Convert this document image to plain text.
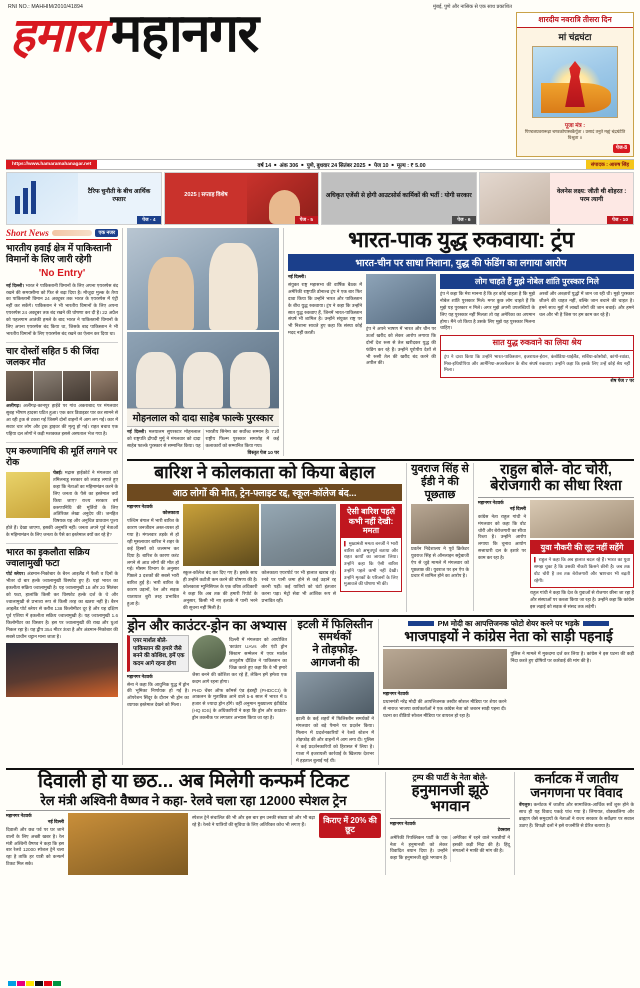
RNI NO.: MAHHIM/2010/41894	मुंबई, पुणे और नासिक से एक साथ प्रकाशित
हमारा महानगर	शारदीय नवरात्रि तीसरा दिन
मां चंद्रघंटा
पूजा मंत्र :
पिण्डजप्रवरारूढ़ा चण्डकोपास्त्रकैर्युता । प्रसादं तनुते मह्यं चंद्रघंटेति विश्रुता ॥
पेज-8
https://www.hamaramahanagar.net	वर्ष 14 ■ अंक 306 ■ पुणे, बुधवार 24 सितंबर 2025 ■ पेज 10 ■ मूल्य : ₹ 5.00	संपादक : आरुष सिंह
टैरिफ चुनौती के बीच आर्थिक रफ्तार
पेज - 4
2025 | सप्ताह विशेष
पेज - 5
अधिकृत एजेंसी से होगी आउटसोर्स कार्मिकों की भर्ती : योगी सरकार
पेज - 6
वेलनेस लक्ष्य: जीती थी शोहरत : परम त्यागी
पेज - 10
Short News	एक नजर
भारतीय हवाई क्षेत्र में पाकिस्तानी विमानों के लिए जारी रहेगी
'No Entry'
नई दिल्ली। भारत ने पाकिस्तानी विमानों के लिए अपना एयरस्पेस बंद रखने की समयसीमा को फिर से बढ़ा दिया है। मौजूदा मुल्क के तैय्य का पाकिस्तानी विमान 24 अक्टूबर तक भारत के एयरस्पेस में एंट्री नहीं कर सकेंगे। पाकिस्तान ने भी भारतीय विमानों के लिए अपना एयरस्पेस 24 अक्टूबर तक बंद रखने की घोषणा कर दी है। 22 अप्रैल को पहलगाम आतंकी हमले के बाद भारत ने पाकिस्तानी विमानों के लिए अपना एयरस्पेस बंद किया था, जिसके बाद पाकिस्तान ने भी भारतीय विमानों के लिए एयरस्पेस बंद रखने का ऐलान कर दिया था।
चार दोस्तों सहित 5 की जिंदा जलकर मौत
अलीगढ़। अलीगढ़-कानपुर हाईवे पर गांव अकराबाद पर मंगलवार सुबह भीषण हादसा घटित हुआ। एक कार डिवाइडर पार कर सामने से आ रही ट्रक से टकरा गई जिसमें दोनों वाहनों में आग लग गई। कार में सवार चार लोग और ट्रक ड्राइवर की मृत्यु हो गई। राहत बचाव एक पहिया दल लोगों ने कड़ी मशक्कत इससे अस्पताल भेज गया है।
एम करुणानिधि की मूर्ति लगाने पर रोक
चेन्नई। मद्रास हाईकोर्ट ने मंगलवार को तमिलनाडु सरकार को लताड़ लगाते हुए कहा कि नेताओं का महिमामंडन करने के लिए जनता के पैसे का इस्तेमाल क्यों किया जाए? राज्य सरकार वर्ष करुणानिधि की मूर्तियों के लिए अतिरिक्त लेखा अनुदेय की। जनहित विषयक यह और अनुचित प्रावधान पूज्य होते हैं। देखा जाएगा, इसकी अनुमति नहीं। जनता अपने पूर्व नेताओं के महिमामंडन के लिए जनता के पैसे का इस्तेमाल क्यों कर रहे है?
भारत का इकलौता सक्रिय ज्वालामुखी फटा
पोर्ट ब्लेयर। अंडमान-निकोबार के बैरन आइलैंड में फैली व दिनों के भीतर दो बार हल्के ज्वालामुखी विस्फोट हुए हैं। यहां भारत का इकलौता सक्रिय ज्वालामुखी है। यह ज्वालामुखी 18 और 20 सितंबर को फटा, हालांकि किसी कर विस्फोट हल्के दर्ज के थे और ज्वालामुखी से प्रभाव्य रूप से किसी तरह का खतरा नहीं है। बैरन आइलैंड पोर्ट ब्लेयर से करीब 138 किलोमीटर दूर है और यह दक्षिण पूर्व एशिया में इकलौता सक्रिय ज्वालामुखी है। यह ज्वालामुखी 1.6 किलोमीटर का विस्तार है। इस पर ज्वालामुखी की राख और धुआं निकल रहा है। यह द्वीप 354 मीटर ऊंचा है और अंडमान-निकोबार की सबसे प्राचीन चट्टान माना जाता है।
मोहनलाल को दादा साहेब फाल्के पुरस्कार
नई दिल्ली। मलयालम सुपरस्टार मोहनलाल को राष्ट्रपति द्रौपदी मुर्मू ने मंगलवार को दादा साहेब फाल्के पुरस्कार से सम्मानित किया। यह भारतीय सिनेमा का सर्वोच्च सम्मान है। 71वें राष्ट्रीय फिल्म पुरस्कार समारोह में कई कलाकारों को सम्मानित किया गया।
विस्तृत पेज 10 पर
भारत-पाक युद्ध रुकवाया: ट्रंप
भारत-चीन पर साधा निशाना, युद्ध की फंडिंग का लगाया आरोप
नई दिल्ली।
संयुक्त राष्ट्र महासभा की वार्षिक बैठक में अमेरिकी राष्ट्रपति डोनाल्ड ट्रंप ने एक बार फिर दावा किया कि उन्होंने भारत और पाकिस्तान के बीच युद्ध रुकवाया। ट्रंप ने कहा कि उन्होंने सात युद्ध रुकवाए हैं, जिनमें भारत-पाकिस्तान संघर्ष भी शामिल है। उन्होंने संयुक्त राष्ट्र पर भी निशाना साधते हुए कहा कि संस्था कोई मदद नहीं करती।
ट्रंप ने अपने भाषण में भारत और चीन पर ऊर्जा खरीद को लेकर आरोप लगाया कि दोनों देश रूस से तेल खरीदकर युद्ध की फंडिंग कर रहे हैं। उन्होंने यूरोपीय देशों से भी रूसी तेल की खरीद बंद करने की अपील की।
लोग चाहते हैं मुझे नोबेल शांति पुरस्कार मिले
ट्रंप ने कहा कि मेरा मानना है कि हर कोई चाहता है कि मुझे नोबेल शांति पुरस्कार मिले। मगर कुछ लोग चाहते हैं कि मुझे यह पुरस्कार न मिले। अगर मुझे अपनी उपलब्धियों के लिए यह पुरस्कार नहीं मिलता तो यह अमेरिका का अपमान होगा। मैंने जो किया है उसके लिए मुझे यह पुरस्कार मिलना चाहिए।
अरबों और अब्ज़ारों युद्धों में जान जा रही थी। मुझे पुरस्कार जीतने की चाहत नहीं, बल्कि जान बचाने की चाहत है। हमने साथ मुद्दों में लाखों लोगों की जान बचाई। और हमने चल और भी है जिस पर हम काम कर रहे हैं।
सात युद्ध रुकवाने का लिया श्रेय
ट्रंप ने दावा किया कि उन्होंने भारत-पाकिस्तान, इजरायल-ईरान, कंबोडिया-थाईलैंड, सर्बिया-कोसोवो, कांगो-रवांडा, मिस्र-इथियोपिया और आर्मेनिया-अजरबैजान के बीच संघर्ष रुकवाए। उन्होंने कहा कि इसके लिए उन्हें कोई श्रेय नहीं मिला।
शेष पेज 7 पर
बारिश ने कोलकाता को किया बेहाल
आठ लोगों की मौत, ट्रेन-फ्लाइट रद्द, स्कूल-कॉलेज बंद...
महानगर नेटवर्क
कोलकाता
पश्चिम बंगाल में भारी बारिश के कारण जनजीवन अस्त-व्यस्त हो गया है। मंगलवार तड़के से हो रही मूसलाधार बारिश ने शहर के कई हिस्सों को जलमग्न कर दिया है। बारिश के कारण करंट लगने से आठ लोगों की मौत हो गई। मौसम विभाग के अनुसार पिछले 3 दशकों की सबसे भारी बारिश हुई है। भारी बारिश के कारण उड़ानों, रेल और सड़क यातायात बुरी तरह प्रभावित हुआ है।
स्कूल-कॉलेज बंद कर दिए गए हैं। इसके साथ ही उन्होंने कटौती कम करने की घोषणा की है। कोलकाता म्युनिसिपल के एक वरिष्ठ अधिकारी ने कहा कि अब तक की हमारी रिपोर्ट के अनुसार, किसी भी नए इलाके में पानी भरने की सूचना नहीं मिली है।
कोलकाता एयरपोर्ट पर भी हालात खराब रहे। रनवे पर पानी जमा होने से कई उड़ानें रद्द करनी पड़ीं। कई यात्रियों को घंटों इंतजार करना पड़ा। मेट्रो सेवा भी आंशिक रूप से प्रभावित रही।
ऐसी बारिश पहले कभी नहीं देखी: ममता
▌ मुख्यमंत्री ममता बनर्जी ने भारी बारिश को अभूतपूर्व बताया और राहत कार्यों का जायजा लिया। उन्होंने कहा कि ऐसी बारिश उन्होंने पहले कभी नहीं देखी। उन्होंने मृतकों के परिजनों के लिए मुआवजे की घोषणा भी की।
युवराज सिंह से ईडी ने की पूछताछ
प्रवर्तन निदेशालय ने पूर्व क्रिकेटर युवराज सिंह से ऑनलाइन सट्टेबाजी ऐप से जुड़े मामले में मंगलवार को पूछताछ की। युवराज पर इन ऐप के प्रचार में शामिल होने का आरोप है।
राहुल बोले- वोट चोरी,
बेरोजगारी का सीधा रिश्ता
महानगर नेटवर्क
नई दिल्ली
कांग्रेस नेता राहुल गांधी ने मंगलवार को कहा कि वोट चोरी और बेरोजगारी का सीधा रिश्ता है। उन्होंने आरोप लगाया कि चुनाव आयोग सत्ताधारी दल के इशारे पर काम कर रहा है।
युवा नौकरी की लूट नहीं सहेंगे
▌ राहुल ने कहा कि अब हालात बदल रहे हैं। भारत का युवा समझ चुका है कि उसकी नौकरी किसने छीनी है। जब तक वोट चोरी है तब तक बेरोजगारी और भ्रष्टाचार भी बढ़ती रहेगी।
राहुल गांधी ने कहा कि देश के युवाओं से रोजगार छीना जा रहा है और संस्थाओं पर कब्जा किया जा रहा है। उन्होंने कहा कि कांग्रेस इस लड़ाई को सड़क से संसद तक लड़ेगी।
ड्रोन और काउंटर-ड्रोन का अभ्यास
एयर मार्शल बोले- पाकिस्तान की हमारे जैसे बनने की कोशिश, हमें एक कदम आगे रहना होगा
महानगर नेटवर्क
सेना ने कहा कि आधुनिक युद्ध में ड्रोन की भूमिका निर्णायक हो गई है। ऑपरेशन सिंदूर के दौरान भी ड्रोन का व्यापक इस्तेमाल देखने को मिला।
दिल्ली में मंगलवार को आयोजित 'काउंटर UAVs और एंटी ड्रोन सिस्टम' सम्मेलन में एयर मार्शल आशुतोष दीक्षित ने पाकिस्तान का जिक्र करते हुए कहा कि वे भी हमारे जैसा बनने की कोशिश कर रहे हैं, लेकिन हमें हमेशा एक कदम आगे रहना होगा।
PHD चेंबर ऑफ कॉमर्स एंड इंडस्ट्री (PHDCCI) के आकलन के मुताबिक आने वाले 5-6 साल में भारत में 5 हजार से ज्यादा ड्रोन होंगे। वहीं अनुमान मुख्यालय इंटीग्रेटेड (HQ IDS) के अधिकारियों ने कहा कि ड्रोन और काउंटर-ड्रोन तकनीक पर लगातार अभ्यास किया जा रहा है।
इटली में फिलिस्तीन समर्थकों
ने तोड़फोड़-आगजनी की
इटली के कई शहरों में फिलिस्तीन समर्थकों ने मंगलवार को बड़े पैमाने पर प्रदर्शन किया। मिलान में प्रदर्शनकारियों ने रेलवे स्टेशन में तोड़फोड़ की और वाहनों में आग लगा दी। पुलिस ने कई प्रदर्शनकारियों को हिरासत में लिया है। गाजा में इजरायली कार्रवाई के खिलाफ देशभर में हड़ताल बुलाई गई थी।
PM मोदी का आपत्तिजनक फोटो शेयर करने पर भड़के
भाजपाइयों ने कांग्रेस नेता को साड़ी पहनाई
महानगर नेटवर्क
प्रधानमंत्री नरेंद्र मोदी की आपत्तिजनक तस्वीर सोशल मीडिया पर शेयर करने से नाराज भाजपा कार्यकर्ताओं ने एक कांग्रेस नेता को जबरन साड़ी पहना दी। घटना का वीडियो सोशल मीडिया पर वायरल हो रहा है।
पुलिस ने मामले में मुकदमा दर्ज कर लिया है। कांग्रेस ने इस घटना की कड़ी निंदा करते हुए दोषियों पर कार्रवाई की मांग की है।
दिवाली हो या छठ... अब मिलेगी कन्फर्म टिकट
रेल मंत्री अश्विनी वैष्णव ने कहा- रेलवे चला रहा 12000 स्पेशल ट्रेन
महानगर नेटवर्क
नई दिल्ली
दिवाली और छठ पर्व पर घर जाने वालों के लिए अच्छी खबर है। रेल मंत्री अश्विनी वैष्णव ने कहा कि इस बार रेलवे 12000 स्पेशल ट्रेनें चला रहा है ताकि हर यात्री को कन्फर्म टिकट मिल सके।
स्पेशल ट्रेनें संचालित की भी और इस बार हम उनकी संख्या को और भी बढ़ा रहे हैं। रेलवे ने यात्रियों की सुविधा के लिए अतिरिक्त कोच भी लगाए हैं।	किराए में 20% की छूट
ट्रम्प की पार्टी के नेता बोले-
हनुमानजी झूठे भगवान
महानगर नेटवर्क
टेक्सास
अमेरिकी रिपब्लिकन पार्टी के एक नेता ने हनुमानजी को लेकर विवादित बयान दिया है। उन्होंने कहा कि हनुमानजी झूठे भगवान हैं। अमेरिका में रहने वाले भारतीयों ने इसकी कड़ी निंदा की है। हिंदू संगठनों ने माफी की मांग की है।
कर्नाटक में जातीय
जनगणना पर विवाद
बेंगलुरु। कर्नाटक में जातीय और सामाजिक-आर्थिक सर्वे शुरू होने के साथ ही यह विवाद पकड़े पांच गया है। लिंगायत, वोक्कालिगा और ब्राह्मण जैसे समुदायों के नेताओं ने राज्य सरकार के सर्वेक्षण पर सवाल उठाए हैं। विपक्षी दलों ने इसे राजनीति से प्रेरित बताया है।
